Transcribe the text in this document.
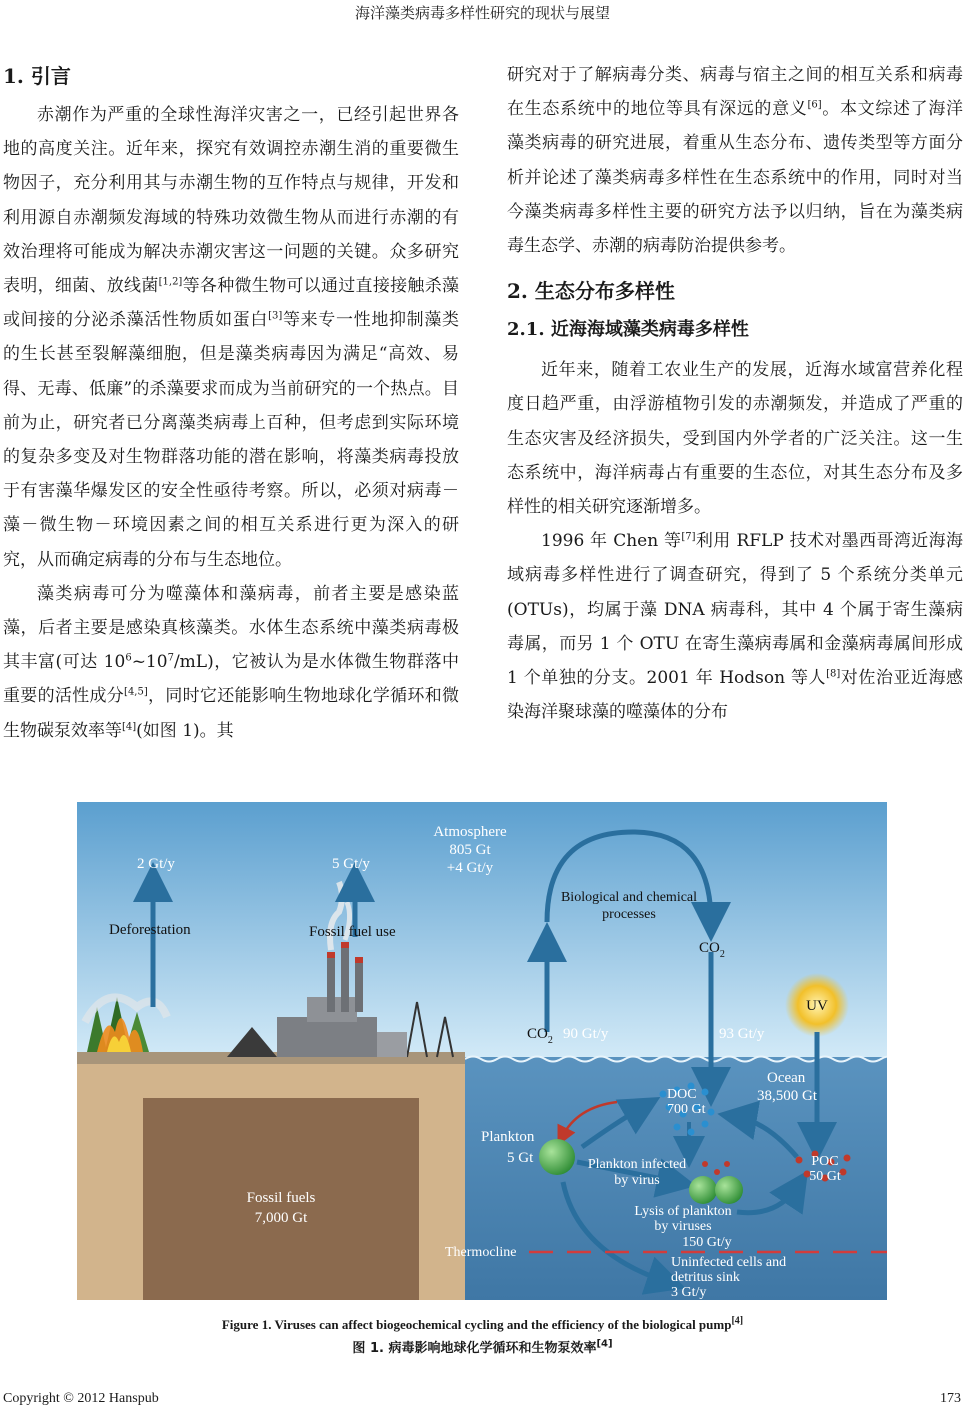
海洋藻类病毒多样性研究的现状与展望
1. 引言

赤潮作为严重的全球性海洋灾害之一，已经引起世界各地的高度关注。近年来，探究有效调控赤潮生消的重要微生物因子，充分利用其与赤潮生物的互作特点与规律，开发和利用源自赤潮频发海域的特殊功效微生物从而进行赤潮的有效治理将可能成为解决赤潮灾害这一问题的关键。众多研究表明，细菌、放线菌[1,2]等各种微生物可以通过直接接触杀藻或间接的分泌杀藻活性物质如蛋白[3]等来专一性地抑制藻类的生长甚至裂解藻细胞，但是藻类病毒因为满足“高效、易得、无毒、低廉”的杀藻要求而成为当前研究的一个热点。目前为止，研究者已分离藻类病毒上百种，但考虑到实际环境的复杂多变及对生物群落功能的潜在影响，将藻类病毒投放于有害藻华爆发区的安全性亟待考察。所以，必须对病毒－藻－微生物－环境因素之间的相互关系进行更为深入的研究，从而确定病毒的分布与生态地位。

藻类病毒可分为噬藻体和藻病毒，前者主要是感染蓝藻，后者主要是感染真核藻类。水体生态系统中藻类病毒极其丰富(可达 $10^6\sim 10^7/mL$)，它被认为是水体微生物群落中重要的活性成分[4,5]，同时它还能影响生物地球化学循环和微生物碳泵效率等[4](如图 1)。其

研究对于了解病毒分类、病毒与宿主之间的相互关系和病毒在生态系统中的地位等具有深远的意义[6]。本文综述了海洋藻类病毒的研究进展，着重从生态分布、遗传类型等方面分析并论述了藻类病毒多样性在生态系统中的作用，同时对当今藻类病毒多样性主要的研究方法予以归纳，旨在为藻类病毒生态学、赤潮的病毒防治提供参考。

2. 生态分布多样性
2.1. 近海海域藻类病毒多样性

近年来，随着工农业生产的发展，近海水域富营养化程度日趋严重，由浮游植物引发的赤潮频发，并造成了严重的生态灾害及经济损失，受到国内外学者的广泛关注。这一生态系统中，海洋病毒占有重要的生态位，对其生态分布及多样性的相关研究逐渐增多。

1996 年 Chen 等[7]利用 RFLP 技术对墨西哥湾近海海域病毒多样性进行了调查研究，得到了 5 个系统分类单元(OTUs)，均属于藻 DNA 病毒科，其中 4 个属于寄生藻病毒属，而另 1 个 OTU 在寄生藻病毒属和金藻病毒属间形成 1 个单独的分支。2001 年 Hodson 等人[8]对佐治亚近海感染海洋聚球藻的噬藻体的分布

Atmosphere
805 Gt
+4 Gt/y
2 Gt/y
Deforestation
5 Gt/y
Fossil fuel use
Biological and chemical
processes
$CO_2$
$CO_2$ 90 Gt/y	93 Gt/y
UV
Ocean
38,500 Gt
DOC
700 Gt
Plankton
5 Gt	Plankton infected
by virus
POC
50 Gt
Lysis of plankton
by viruses
150 Gt/y
Thermocline
Uninfected cells and
detritus sink
3 Gt/y
Fossil fuels
7,000 Gt
Figure 1. Viruses can affect biogeochemical cycling and the efficiency of the biological pump[4]
图 1. 病毒影响地球化学循环和生物泵效率[4]
Copyright © 2012 Hanspub	173
